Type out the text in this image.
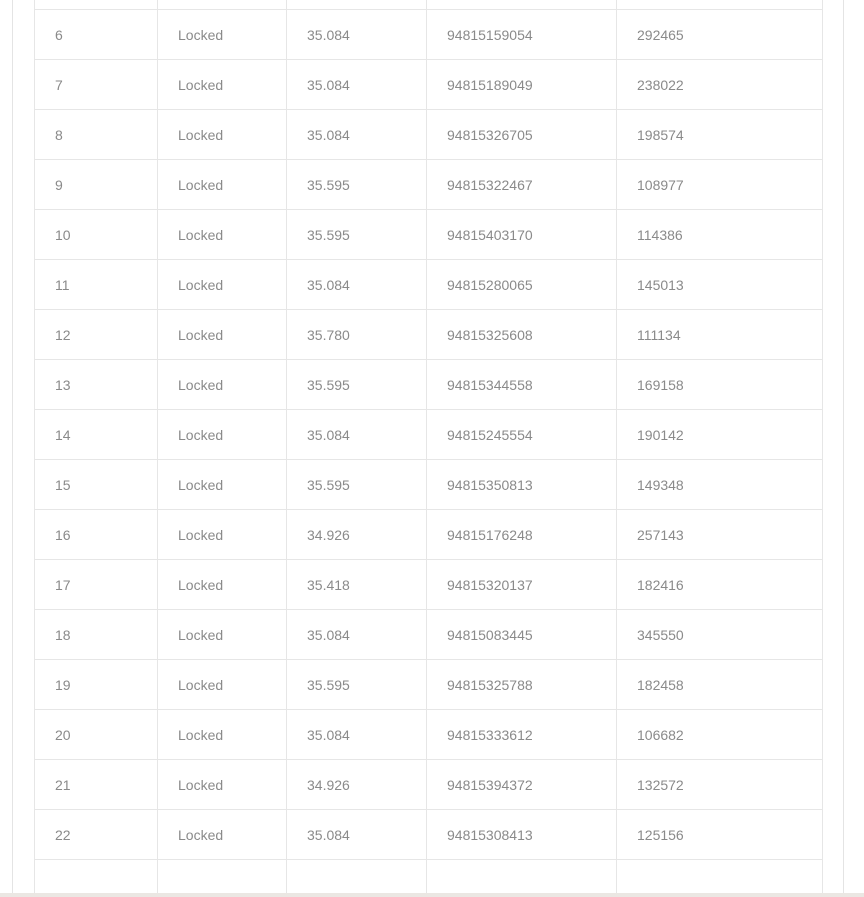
6	Locked	35.084	94815159054	292465
7	Locked	35.084	94815189049	238022
8	Locked	35.084	94815326705	198574
9	Locked	35.595	94815322467	108977
10	Locked	35.595	94815403170	114386
11	Locked	35.084	94815280065	145013
12	Locked	35.780	94815325608	111134
13	Locked	35.595	94815344558	169158
14	Locked	35.084	94815245554	190142
15	Locked	35.595	94815350813	149348
16	Locked	34.926	94815176248	257143
17	Locked	35.418	94815320137	182416
18	Locked	35.084	94815083445	345550
19	Locked	35.595	94815325788	182458
20	Locked	35.084	94815333612	106682
21	Locked	34.926	94815394372	132572
22	Locked	35.084	94815308413	125156
